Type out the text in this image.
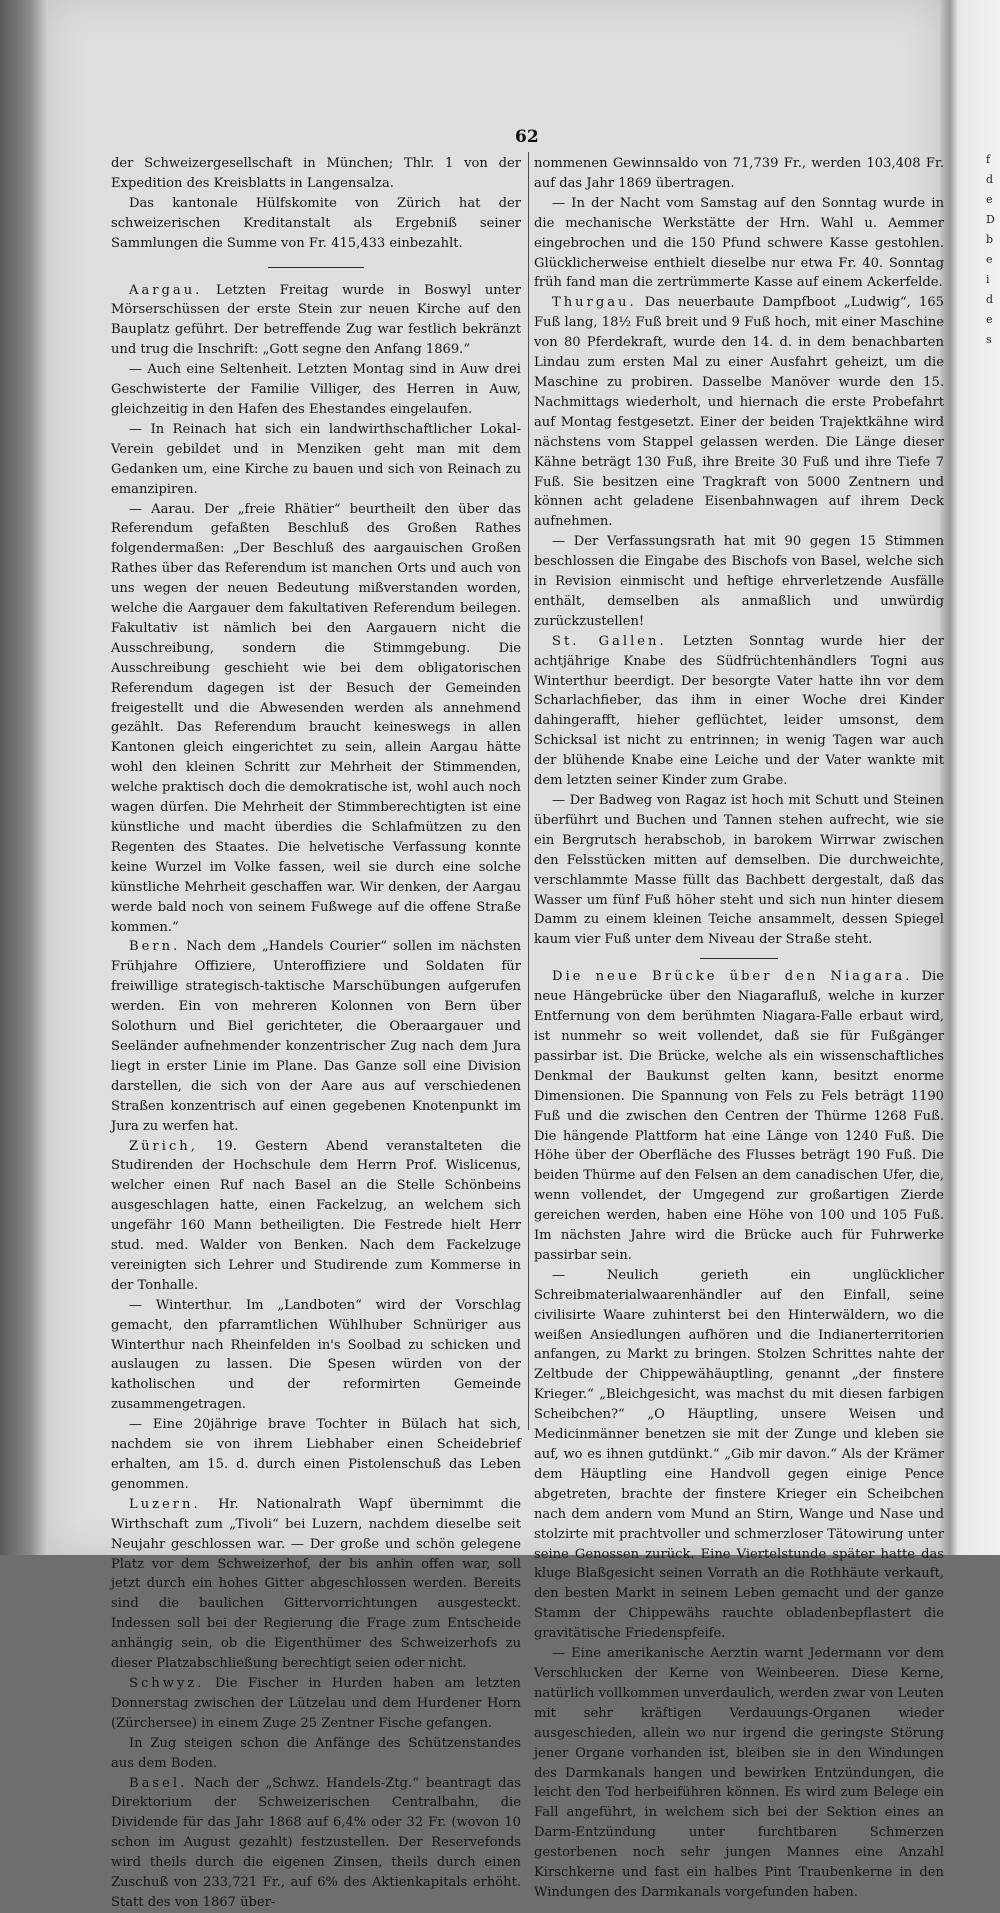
62

der Schweizergesellschaft in München; Thlr. 1 von der Expedition des Kreisblatts in Langensalza.

Das kantonale Hülfskomite von Zürich hat der schweizerischen Kreditanstalt als Ergebniß seiner Sammlungen die Summe von Fr. 415,433 einbezahlt.

Aargau. Letzten Freitag wurde in Boswyl unter Mörserschüssen der erste Stein zur neuen Kirche auf den Bauplatz geführt. Der betreffende Zug war festlich bekränzt und trug die Inschrift: „Gott segne den Anfang 1869.“

— Auch eine Seltenheit. Letzten Montag sind in Auw drei Geschwisterte der Familie Villiger, des Herren in Auw, gleichzeitig in den Hafen des Ehestandes eingelaufen.

— In Reinach hat sich ein landwirthschaftlicher Lokal-Verein gebildet und in Menziken geht man mit dem Gedanken um, eine Kirche zu bauen und sich von Reinach zu emanzipiren.

— Aarau. Der „freie Rhätier“ beurtheilt den über das Referendum gefaßten Beschluß des Großen Rathes folgendermaßen: „Der Beschluß des aargauischen Großen Rathes über das Referendum ist manchen Orts und auch von uns wegen der neuen Bedeutung mißverstanden worden, welche die Aargauer dem fakultativen Referendum beilegen. Fakultativ ist nämlich bei den Aargauern nicht die Ausschreibung, sondern die Stimmgebung. Die Ausschreibung geschieht wie bei dem obligatorischen Referendum dagegen ist der Besuch der Gemeinden freigestellt und die Abwesenden werden als annehmend gezählt. Das Referendum braucht keineswegs in allen Kantonen gleich eingerichtet zu sein, allein Aargau hätte wohl den kleinen Schritt zur Mehrheit der Stimmenden, welche praktisch doch die demokratische ist, wohl auch noch wagen dürfen. Die Mehrheit der Stimmberechtigten ist eine künstliche und macht überdies die Schlafmützen zu den Regenten des Staates. Die helvetische Verfassung konnte keine Wurzel im Volke fassen, weil sie durch eine solche künstliche Mehrheit geschaffen war. Wir denken, der Aargau werde bald noch von seinem Fußwege auf die offene Straße kommen.“

Bern. Nach dem „Handels Courier“ sollen im nächsten Frühjahre Offiziere, Unteroffiziere und Soldaten für freiwillige strategisch-taktische Marschübungen aufgerufen werden. Ein von mehreren Kolonnen von Bern über Solothurn und Biel gerichteter, die Oberaargauer und Seeländer aufnehmender konzentrischer Zug nach dem Jura liegt in erster Linie im Plane. Das Ganze soll eine Division darstellen, die sich von der Aare aus auf verschiedenen Straßen konzentrisch auf einen gegebenen Knotenpunkt im Jura zu werfen hat.

Zürich, 19. Gestern Abend veranstalteten die Studirenden der Hochschule dem Herrn Prof. Wislicenus, welcher einen Ruf nach Basel an die Stelle Schönbeins ausgeschlagen hatte, einen Fackelzug, an welchem sich ungefähr 160 Mann betheiligten. Die Festrede hielt Herr stud. med. Walder von Benken. Nach dem Fackelzuge vereinigten sich Lehrer und Studirende zum Kommerse in der Tonhalle.

— Winterthur. Im „Landboten“ wird der Vorschlag gemacht, den pfarramtlichen Wühlhuber Schnüriger aus Winterthur nach Rheinfelden in's Soolbad zu schicken und auslaugen zu lassen. Die Spesen würden von der katholischen und der reformirten Gemeinde zusammengetragen.

— Eine 20jährige brave Tochter in Bülach hat sich, nachdem sie von ihrem Liebhaber einen Scheidebrief erhalten, am 15. d. durch einen Pistolenschuß das Leben genommen.

Luzern. Hr. Nationalrath Wapf übernimmt die Wirthschaft zum „Tivoli“ bei Luzern, nachdem dieselbe seit Neujahr geschlossen war. — Der große und schön gelegene Platz vor dem Schweizerhof, der bis anhin offen war, soll jetzt durch ein hohes Gitter abgeschlossen werden. Bereits sind die baulichen Gittervorrichtungen ausgesteckt. Indessen soll bei der Regierung die Frage zum Entscheide anhängig sein, ob die Eigenthümer des Schweizerhofs zu dieser Platzabschließung berechtigt seien oder nicht.

Schwyz. Die Fischer in Hurden haben am letzten Donnerstag zwischen der Lützelau und dem Hurdener Horn (Zürchersee) in einem Zuge 25 Zentner Fische gefangen.

In Zug steigen schon die Anfänge des Schützenstandes aus dem Boden.

Basel. Nach der „Schwz. Handels-Ztg.“ beantragt das Direktorium der Schweizerischen Centralbahn, die Dividende für das Jahr 1868 auf 6,4% oder 32 Fr. (wovon 10 schon im August gezahlt) festzustellen. Der Reservefonds wird theils durch die eigenen Zinsen, theils durch einen Zuschuß von 233,721 Fr., auf 6% des Aktienkapitals erhöht. Statt des von 1867 über-

nommenen Gewinnsaldo von 71,739 Fr., werden 103,408 Fr. auf das Jahr 1869 übertragen.

— In der Nacht vom Samstag auf den Sonntag wurde in die mechanische Werkstätte der Hrn. Wahl u. Aemmer eingebrochen und die 150 Pfund schwere Kasse gestohlen. Glücklicherweise enthielt dieselbe nur etwa Fr. 40. Sonntag früh fand man die zertrümmerte Kasse auf einem Ackerfelde.

Thurgau. Das neuerbaute Dampfboot „Ludwig“, 165 Fuß lang, 18½ Fuß breit und 9 Fuß hoch, mit einer Maschine von 80 Pferdekraft, wurde den 14. d. in dem benachbarten Lindau zum ersten Mal zu einer Ausfahrt geheizt, um die Maschine zu probiren. Dasselbe Manöver wurde den 15. Nachmittags wiederholt, und hiernach die erste Probefahrt auf Montag festgesetzt. Einer der beiden Trajektkähne wird nächstens vom Stappel gelassen werden. Die Länge dieser Kähne beträgt 130 Fuß, ihre Breite 30 Fuß und ihre Tiefe 7 Fuß. Sie besitzen eine Tragkraft von 5000 Zentnern und können acht geladene Eisenbahnwagen auf ihrem Deck aufnehmen.

— Der Verfassungsrath hat mit 90 gegen 15 Stimmen beschlossen die Eingabe des Bischofs von Basel, welche sich in Revision einmischt und heftige ehrverletzende Ausfälle enthält, demselben als anmaßlich und unwürdig zurückzustellen!

St. Gallen. Letzten Sonntag wurde hier der achtjährige Knabe des Südfrüchtenhändlers Togni aus Winterthur beerdigt. Der besorgte Vater hatte ihn vor dem Scharlachfieber, das ihm in einer Woche drei Kinder dahingerafft, hieher geflüchtet, leider umsonst, dem Schicksal ist nicht zu entrinnen; in wenig Tagen war auch der blühende Knabe eine Leiche und der Vater wankte mit dem letzten seiner Kinder zum Grabe.

— Der Badweg von Ragaz ist hoch mit Schutt und Steinen überführt und Buchen und Tannen stehen aufrecht, wie sie ein Bergrutsch herabschob, in barokem Wirrwar zwischen den Felsstücken mitten auf demselben. Die durchweichte, verschlammte Masse füllt das Bachbett dergestalt, daß das Wasser um fünf Fuß höher steht und sich nun hinter diesem Damm zu einem kleinen Teiche ansammelt, dessen Spiegel kaum vier Fuß unter dem Niveau der Straße steht.

Die neue Brücke über den Niagara. Die neue Hängebrücke über den Niagarafluß, welche in kurzer Entfernung von dem berühmten Niagara-Falle erbaut wird, ist nunmehr so weit vollendet, daß sie für Fußgänger passirbar ist. Die Brücke, welche als ein wissenschaftliches Denkmal der Baukunst gelten kann, besitzt enorme Dimensionen. Die Spannung von Fels zu Fels beträgt 1190 Fuß und die zwischen den Centren der Thürme 1268 Fuß. Die hängende Plattform hat eine Länge von 1240 Fuß. Die Höhe über der Oberfläche des Flusses beträgt 190 Fuß. Die beiden Thürme auf den Felsen an dem canadischen Ufer, die, wenn vollendet, der Umgegend zur großartigen Zierde gereichen werden, haben eine Höhe von 100 und 105 Fuß. Im nächsten Jahre wird die Brücke auch für Fuhrwerke passirbar sein.

— Neulich gerieth ein unglücklicher Schreibmaterialwaarenhändler auf den Einfall, seine civilisirte Waare zuhinterst bei den Hinterwäldern, wo die weißen Ansiedlungen aufhören und die Indianerterritorien anfangen, zu Markt zu bringen. Stolzen Schrittes nahte der Zeltbude der Chippewähäuptling, genannt „der finstere Krieger.“ „Bleichgesicht, was machst du mit diesen farbigen Scheibchen?“ „O Häuptling, unsere Weisen und Medicinmänner benetzen sie mit der Zunge und kleben sie auf, wo es ihnen gutdünkt.“ „Gib mir davon.“ Als der Krämer dem Häuptling eine Handvoll gegen einige Pence abgetreten, brachte der finstere Krieger ein Scheibchen nach dem andern vom Mund an Stirn, Wange und Nase und stolzirte mit prachtvoller und schmerzloser Tätowirung unter seine Genossen zurück. Eine Viertelstunde später hatte das kluge Blaßgesicht seinen Vorrath an die Rothhäute verkauft, den besten Markt in seinem Leben gemacht und der ganze Stamm der Chippewähs rauchte obladenbepflastert die gravitätische Friedenspfeife.

— Eine amerikanische Aerztin warnt Jedermann vor dem Verschlucken der Kerne von Weinbeeren. Diese Kerne, natürlich vollkommen unverdaulich, werden zwar von Leuten mit sehr kräftigen Verdauungs-Organen wieder ausgeschieden, allein wo nur irgend die geringste Störung jener Organe vorhanden ist, bleiben sie in den Windungen des Darmkanals hangen und bewirken Entzündungen, die leicht den Tod herbeiführen können. Es wird zum Belege ein Fall angeführt, in welchem sich bei der Sektion eines an Darm-Entzündung unter furchtbaren Schmerzen gestorbenen noch sehr jungen Mannes eine Anzahl Kirschkerne und fast ein halbes Pint Traubenkerne in den Windungen des Darmkanals vorgefunden haben.

f
d
e
D
b
e
i
d
e
s
